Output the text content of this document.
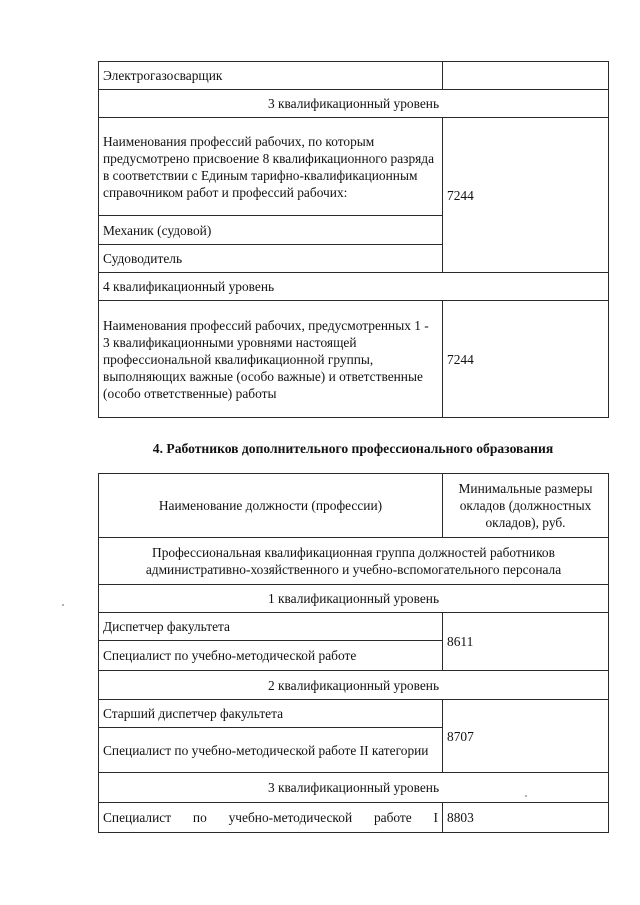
Электрогазосварщик	
3 квалификационный уровень	
Наименования профессий рабочих, по которым предусмотрено присвоение 8 квалификационного разряда в соответствии с Единым тарифно-квалификационным справочником работ и профессий рабочих:	7244
Механик (судовой)	
Судоводитель	
4 квалификационный уровень	
Наименования профессий рабочих, предусмотренных 1 - 3 квалификационными уровнями настоящей профессиональной квалификационной группы, выполняющих важные (особо важные) и ответственные (особо ответственные) работы	7244
4. Работников дополнительного профессионального образования
Наименование должности (профессии)	Минимальные размеры окладов (должностных окладов), руб.
Профессиональная квалификационная группа должностей работников административно-хозяйственного и учебно-вспомогательного персонала	
1 квалификационный уровень	
Диспетчер факультета	8611
Специалист по учебно-методической работе	
2 квалификационный уровень	
Старший диспетчер факультета	8707
Специалист по учебно-методической работе II категории	
3 квалификационный уровень	
Специалист по учебно-методической работе I	8803
